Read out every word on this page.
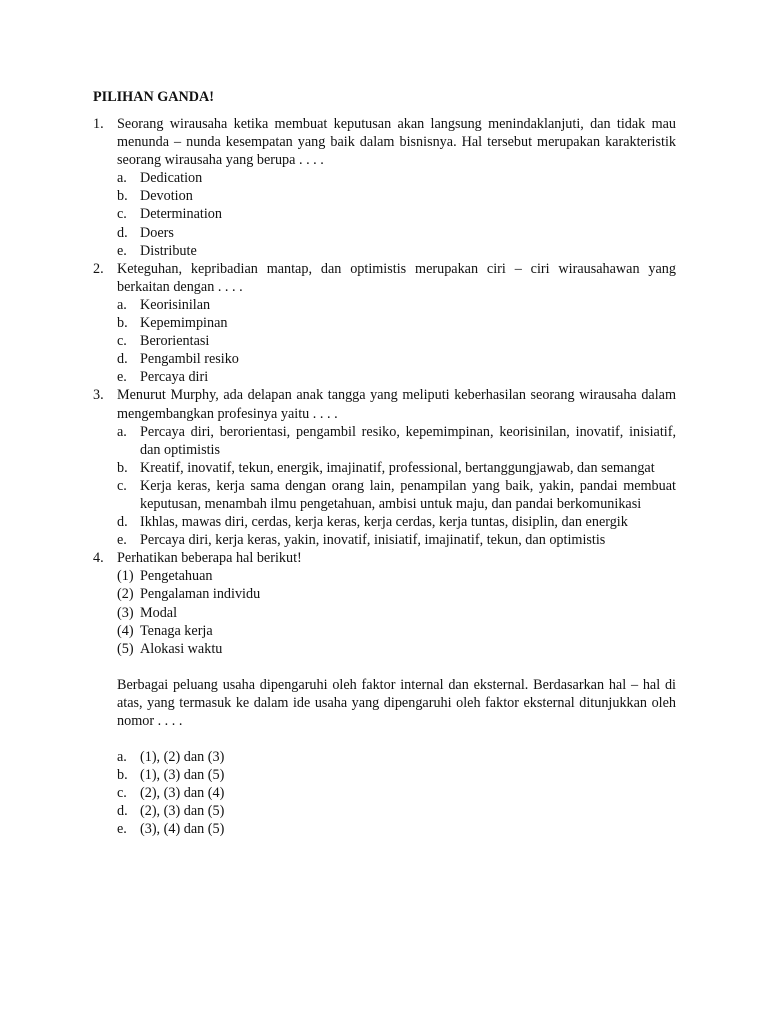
PILIHAN GANDA!
1. Seorang wirausaha ketika membuat keputusan akan langsung menindaklanjuti, dan tidak mau menunda – nunda kesempatan yang baik dalam bisnisnya. Hal tersebut merupakan karakteristik seorang wirausaha yang berupa . . . .
a. Dedication
b. Devotion
c. Determination
d. Doers
e. Distribute
2. Keteguhan, kepribadian mantap, dan optimistis merupakan ciri – ciri wirausahawan yang berkaitan dengan . . . .
a. Keorisinilan
b. Kepemimpinan
c. Berorientasi
d. Pengambil resiko
e. Percaya diri
3. Menurut Murphy, ada delapan anak tangga yang meliputi keberhasilan seorang wirausaha dalam mengembangkan profesinya yaitu . . . .
a. Percaya diri, berorientasi, pengambil resiko, kepemimpinan, keorisinilan, inovatif, inisiatif, dan optimistis
b. Kreatif, inovatif, tekun, energik, imajinatif, professional, bertanggungjawab, dan semangat
c. Kerja keras, kerja sama dengan orang lain, penampilan yang baik, yakin, pandai membuat keputusan, menambah ilmu pengetahuan, ambisi untuk maju, dan pandai berkomunikasi
d. Ikhlas, mawas diri, cerdas, kerja keras, kerja cerdas, kerja tuntas, disiplin, dan energik
e. Percaya diri, kerja keras, yakin, inovatif, inisiatif, imajinatif, tekun, dan optimistis
4. Perhatikan beberapa hal berikut!
(1) Pengetahuan
(2) Pengalaman individu
(3) Modal
(4) Tenaga kerja
(5) Alokasi waktu
Berbagai peluang usaha dipengaruhi oleh faktor internal dan eksternal. Berdasarkan hal – hal di atas, yang termasuk ke dalam ide usaha yang dipengaruhi oleh faktor eksternal ditunjukkan oleh nomor . . . .
a. (1), (2) dan (3)
b. (1), (3) dan (5)
c. (2), (3) dan (4)
d. (2), (3) dan (5)
e. (3), (4) dan (5)
